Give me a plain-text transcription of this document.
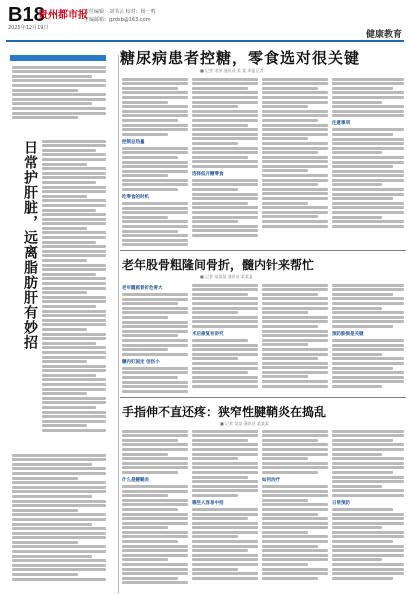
B18
贵州都市报
责任编辑：刘书云 校对：杨一鸣
主编邮箱：gzdsb@163.com
2025年12月19日
健康教育
日常护肝脏，远离脂肪肝有妙招
糖尿病患者控糖，零食选对很关键
■ 记者 宋莎 通讯员 张 某 本报记者
控制总热量
吃零食的时机
选择低升糖零食
注意事项
老年股骨粗隆间骨折，髓内针来帮忙
■ 记者 张某某 通讯员 某某某
老年髋部骨折危害大
髓内钉固定 创伤小
术后康复有讲究	预防跌倒是关键
手指伸不直还疼：狭窄性腱鞘炎在捣乱
■ 记者 某某 通讯员 某某某
什么是腱鞘炎
哪些人容易中招
如何治疗
日常预防
